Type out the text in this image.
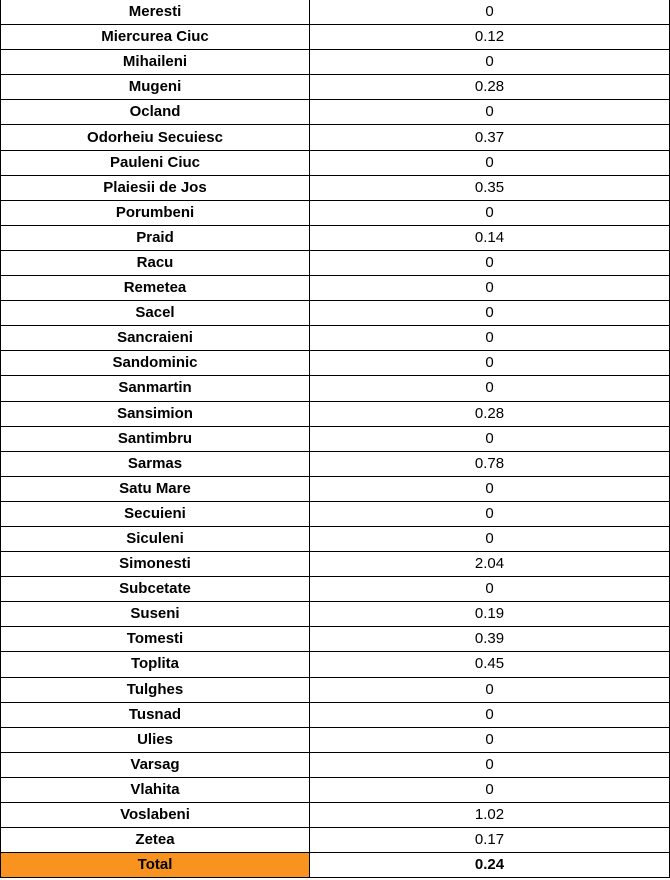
Meresti	0
Miercurea Ciuc	0.12
Mihaileni	0
Mugeni	0.28
Ocland	0
Odorheiu Secuiesc	0.37
Pauleni Ciuc	0
Plaiesii de Jos	0.35
Porumbeni	0
Praid	0.14
Racu	0
Remetea	0
Sacel	0
Sancraieni	0
Sandominic	0
Sanmartin	0
Sansimion	0.28
Santimbru	0
Sarmas	0.78
Satu Mare	0
Secuieni	0
Siculeni	0
Simonesti	2.04
Subcetate	0
Suseni	0.19
Tomesti	0.39
Toplita	0.45
Tulghes	0
Tusnad	0
Ulies	0
Varsag	0
Vlahita	0
Voslabeni	1.02
Zetea	0.17
Total	0.24
